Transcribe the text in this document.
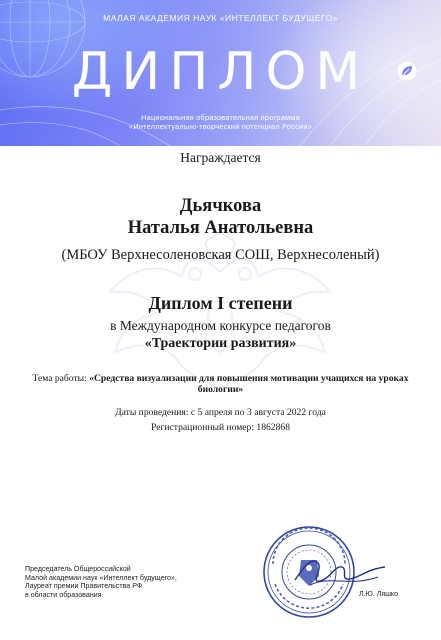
МАЛАЯ АКАДЕМИЯ НАУК «ИНТЕЛЛЕКТ БУДУЩЕГО»
ДИПЛОМ
Национальная образовательная программа
«Интеллектуально-творческий потенциал России»
Награждается
Дьячкова
Наталья Анатольевна
(МБОУ Верхнесоленовская СОШ, Верхнесоленый)
Диплом I степени
в Международном конкурсе педагогов
«Траектории развития»
Тема работы: «Средства визуализации для повышения мотивации учащихся на уроках биологии»
Даты проведения: с 5 апреля по 3 августа 2022 года
Регистрационный номер: 1862868
Председатель Общероссийской
Малой академии наук «Интеллект будущего»,
Лауреат премии Правительства РФ
в области образования	Л.Ю. Ляшко
